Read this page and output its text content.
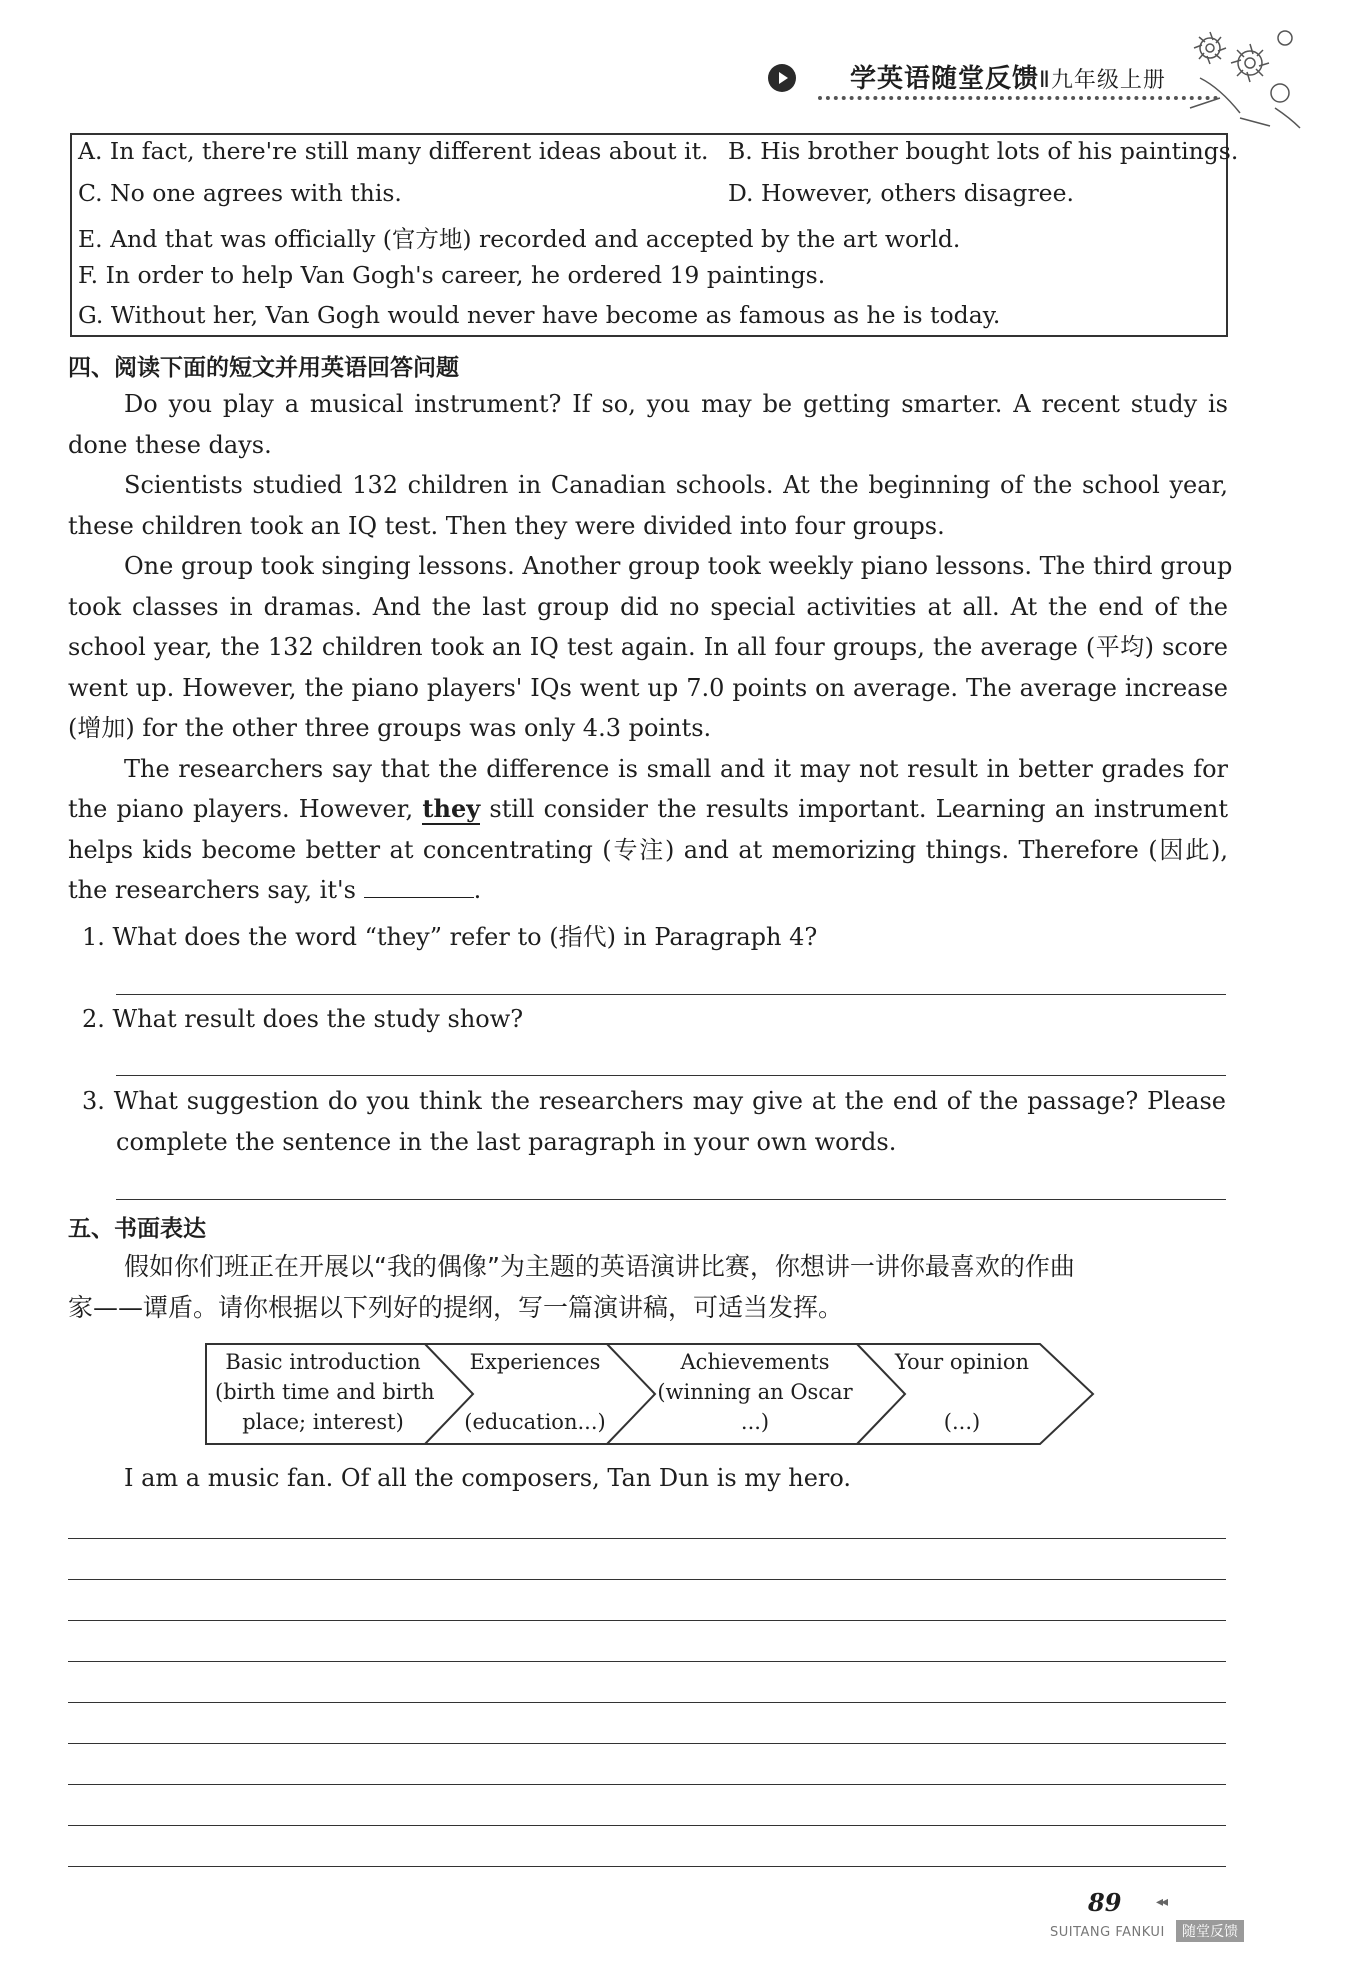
学英语随堂反馈Ⅱ九年级上册
A. In fact, there're still many different ideas about it. B. His brother bought lots of his paintings.
C. No one agrees with this.	D. However, others disagree.
E. And that was officially (官方地) recorded and accepted by the art world.
F. In order to help Van Gogh's career, he ordered 19 paintings.
G. Without her, Van Gogh would never have become as famous as he is today.
四、阅读下面的短文并用英语回答问题
Do you play a musical instrument? If so, you may be getting smarter. A recent study is
done these days.
Scientists studied 132 children in Canadian schools. At the beginning of the school year,
these children took an IQ test. Then they were divided into four groups.
One group took singing lessons. Another group took weekly piano lessons. The third group
took classes in dramas. And the last group did no special activities at all. At the end of the
school year, the 132 children took an IQ test again. In all four groups, the average (平均) score
went up. However, the piano players' IQs went up 7.0 points on average. The average increase
(增加) for the other three groups was only 4.3 points.
The researchers say that the difference is small and it may not result in better grades for
the piano players. However, they still consider the results important. Learning an instrument
helps kids become better at concentrating (专注) and at memorizing things. Therefore (因此),
the researchers say, it's	.
1. What does the word “they” refer to (指代) in Paragraph 4?
2. What result does the study show?
3. What suggestion do you think the researchers may give at the end of the passage? Please
complete the sentence in the last paragraph in your own words.
五、书面表达
假如你们班正在开展以“我的偶像”为主题的英语演讲比赛，你想讲一讲你最喜欢的作曲
家——谭盾。请你根据以下列好的提纲，写一篇演讲稿，可适当发挥。
Basic introduction
(birth time and birth
place; interest)
Experiences
(education...)
Achievements
(winning an Oscar
...)
Your opinion
(...)
I am a music fan. Of all the composers, Tan Dun is my hero.
89 ◂◂
SUITANG FANKUI	随堂反馈
